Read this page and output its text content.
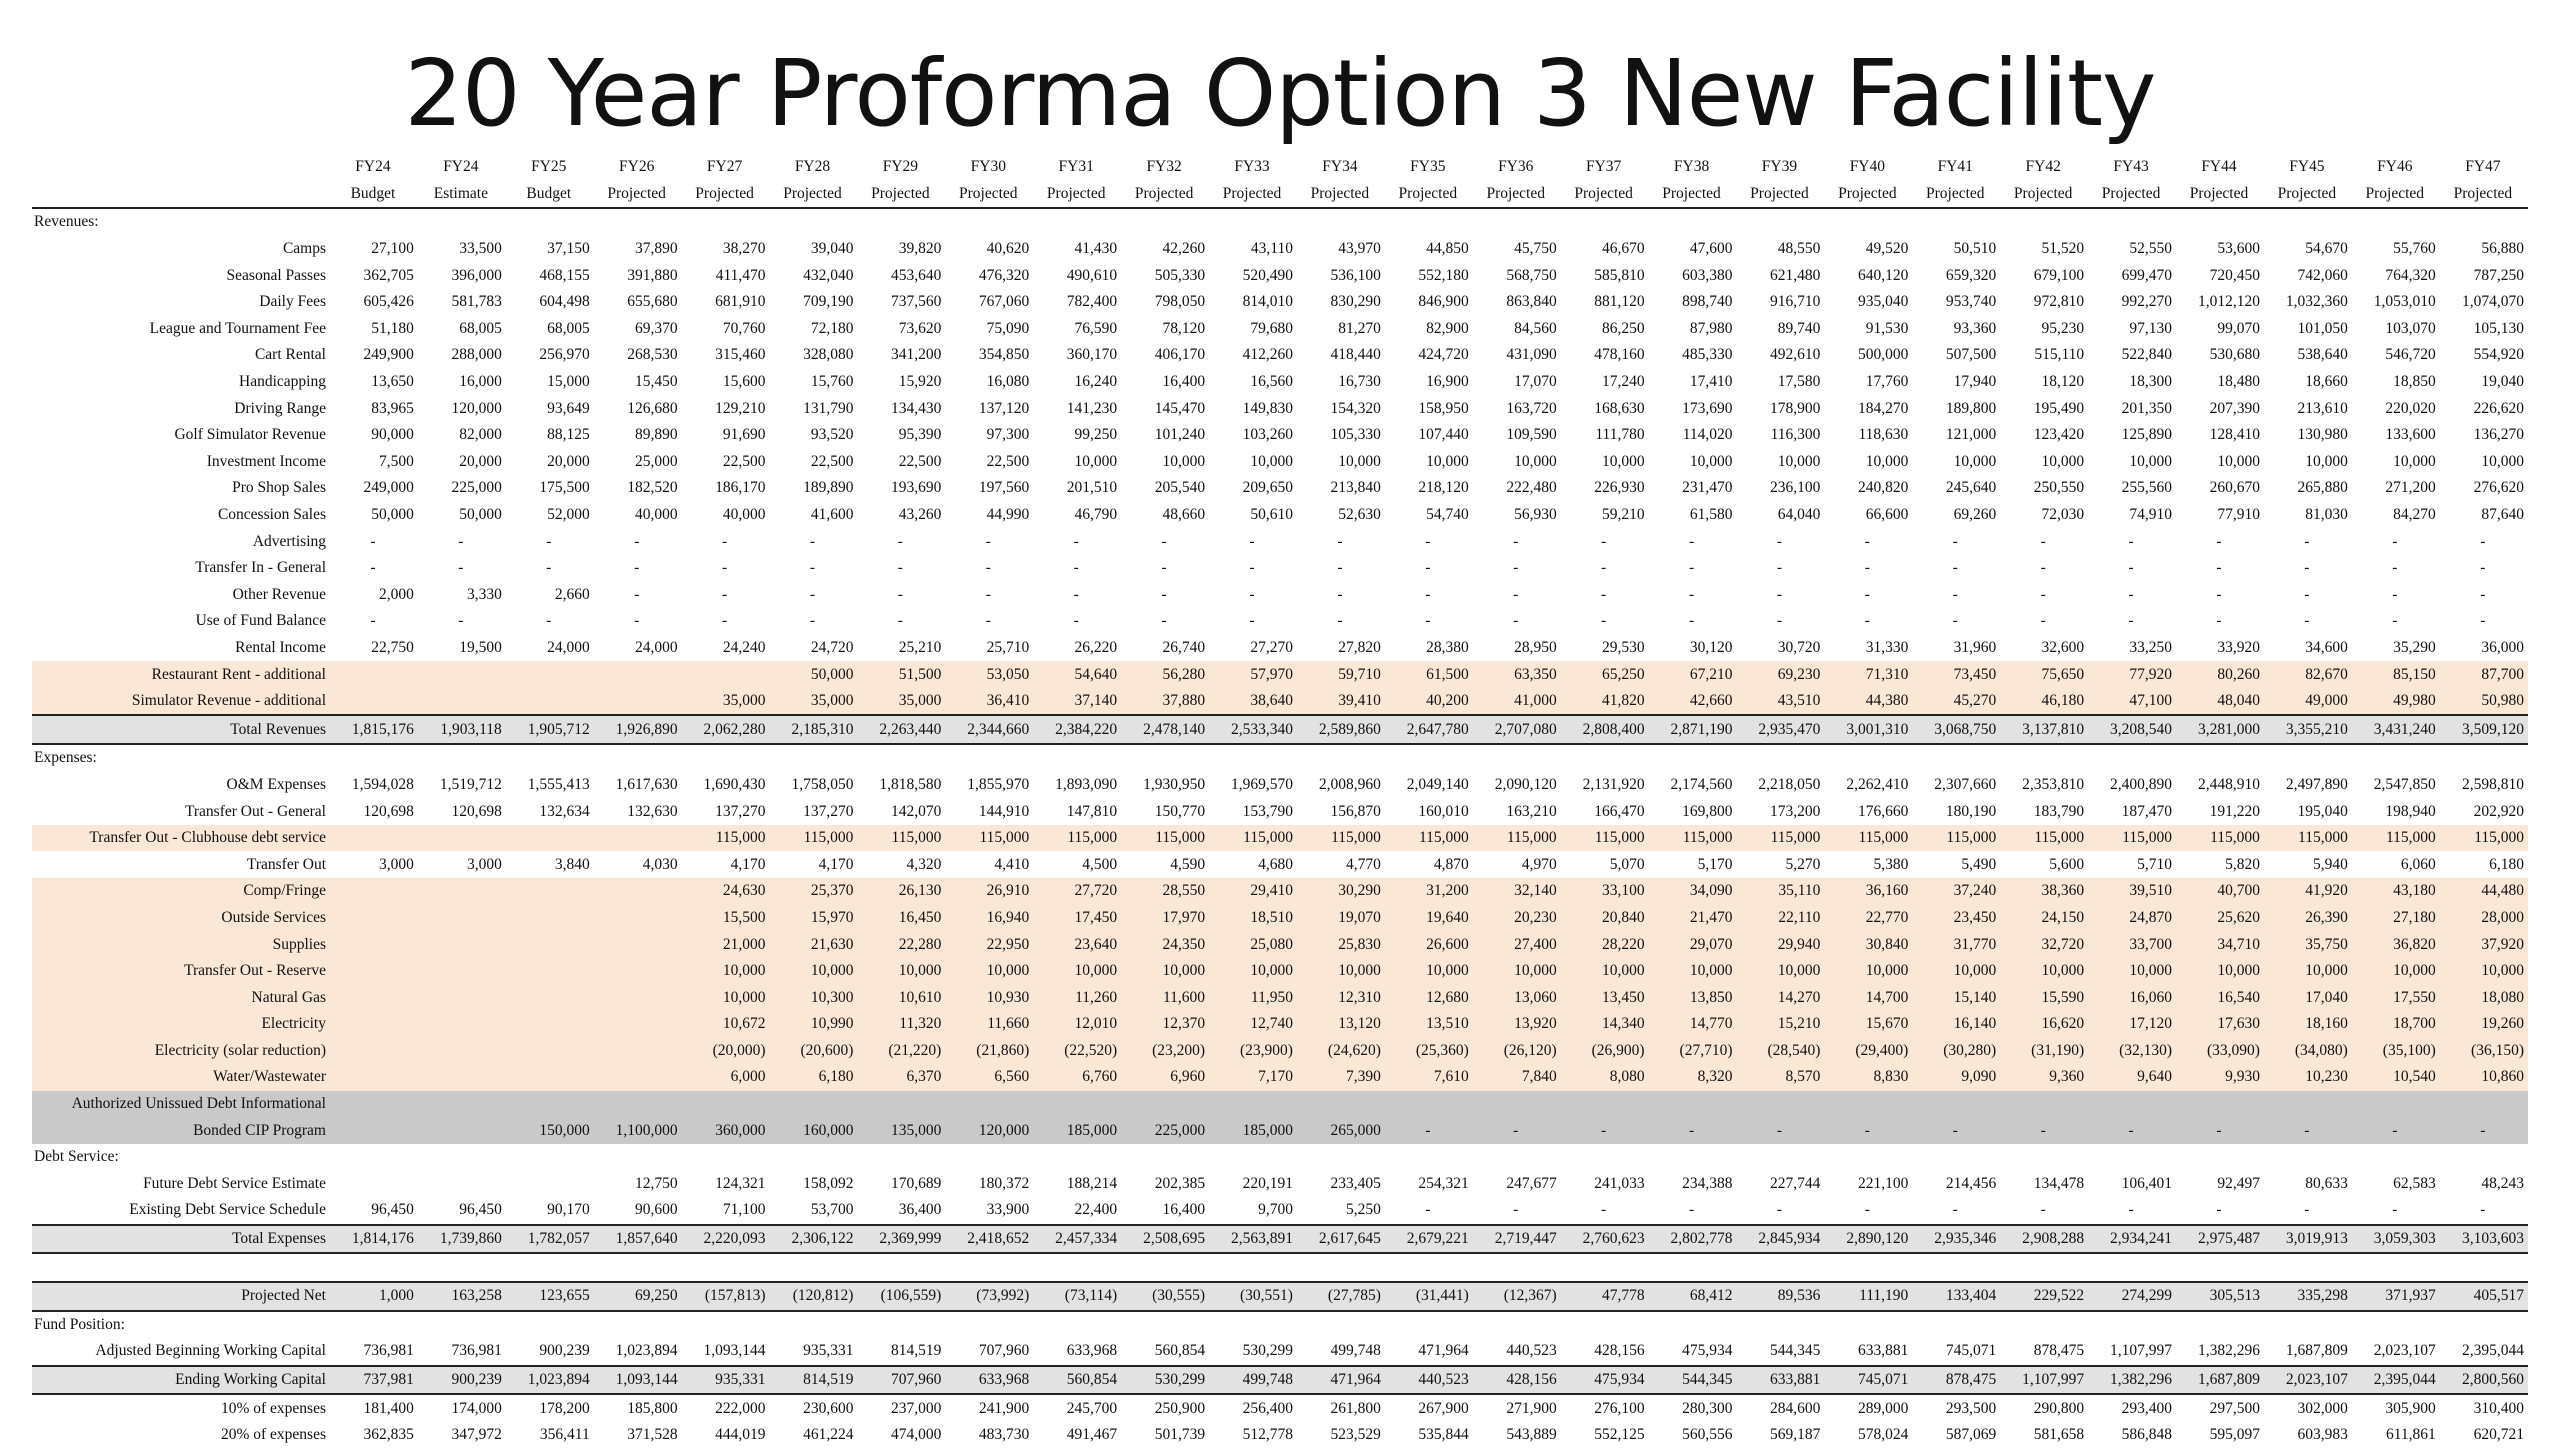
20 Year Proforma Option 3 New Facility
	FY24	FY24	FY25	FY26	FY27	FY28	FY29	FY30	FY31	FY32	FY33	FY34	FY35	FY36	FY37	FY38	FY39	FY40	FY41	FY42	FY43	FY44	FY45	FY46	FY47
	Budget	Estimate	Budget	Projected	Projected	Projected	Projected	Projected	Projected	Projected	Projected	Projected	Projected	Projected	Projected	Projected	Projected	Projected	Projected	Projected	Projected	Projected	Projected	Projected	Projected
Revenues:																									
Camps	27,100	33,500	37,150	37,890	38,270	39,040	39,820	40,620	41,430	42,260	43,110	43,970	44,850	45,750	46,670	47,600	48,550	49,520	50,510	51,520	52,550	53,600	54,670	55,760	56,880
Seasonal Passes	362,705	396,000	468,155	391,880	411,470	432,040	453,640	476,320	490,610	505,330	520,490	536,100	552,180	568,750	585,810	603,380	621,480	640,120	659,320	679,100	699,470	720,450	742,060	764,320	787,250
Daily Fees	605,426	581,783	604,498	655,680	681,910	709,190	737,560	767,060	782,400	798,050	814,010	830,290	846,900	863,840	881,120	898,740	916,710	935,040	953,740	972,810	992,270	1,012,120	1,032,360	1,053,010	1,074,070
League and Tournament Fee	51,180	68,005	68,005	69,370	70,760	72,180	73,620	75,090	76,590	78,120	79,680	81,270	82,900	84,560	86,250	87,980	89,740	91,530	93,360	95,230	97,130	99,070	101,050	103,070	105,130
Cart Rental	249,900	288,000	256,970	268,530	315,460	328,080	341,200	354,850	360,170	406,170	412,260	418,440	424,720	431,090	478,160	485,330	492,610	500,000	507,500	515,110	522,840	530,680	538,640	546,720	554,920
Handicapping	13,650	16,000	15,000	15,450	15,600	15,760	15,920	16,080	16,240	16,400	16,560	16,730	16,900	17,070	17,240	17,410	17,580	17,760	17,940	18,120	18,300	18,480	18,660	18,850	19,040
Driving Range	83,965	120,000	93,649	126,680	129,210	131,790	134,430	137,120	141,230	145,470	149,830	154,320	158,950	163,720	168,630	173,690	178,900	184,270	189,800	195,490	201,350	207,390	213,610	220,020	226,620
Golf Simulator Revenue	90,000	82,000	88,125	89,890	91,690	93,520	95,390	97,300	99,250	101,240	103,260	105,330	107,440	109,590	111,780	114,020	116,300	118,630	121,000	123,420	125,890	128,410	130,980	133,600	136,270
Investment Income	7,500	20,000	20,000	25,000	22,500	22,500	22,500	22,500	10,000	10,000	10,000	10,000	10,000	10,000	10,000	10,000	10,000	10,000	10,000	10,000	10,000	10,000	10,000	10,000	10,000
Pro Shop Sales	249,000	225,000	175,500	182,520	186,170	189,890	193,690	197,560	201,510	205,540	209,650	213,840	218,120	222,480	226,930	231,470	236,100	240,820	245,640	250,550	255,560	260,670	265,880	271,200	276,620
Concession Sales	50,000	50,000	52,000	40,000	40,000	41,600	43,260	44,990	46,790	48,660	50,610	52,630	54,740	56,930	59,210	61,580	64,040	66,600	69,260	72,030	74,910	77,910	81,030	84,270	87,640
Advertising	-	-	-	-	-	-	-	-	-	-	-	-	-	-	-	-	-	-	-	-	-	-	-	-	-
Transfer In - General	-	-	-	-	-	-	-	-	-	-	-	-	-	-	-	-	-	-	-	-	-	-	-	-	-
Other Revenue	2,000	3,330	2,660	-	-	-	-	-	-	-	-	-	-	-	-	-	-	-	-	-	-	-	-	-	-
Use of Fund Balance	-	-	-	-	-	-	-	-	-	-	-	-	-	-	-	-	-	-	-	-	-	-	-	-	-
Rental Income	22,750	19,500	24,000	24,000	24,240	24,720	25,210	25,710	26,220	26,740	27,270	27,820	28,380	28,950	29,530	30,120	30,720	31,330	31,960	32,600	33,250	33,920	34,600	35,290	36,000
Restaurant Rent - additional						50,000	51,500	53,050	54,640	56,280	57,970	59,710	61,500	63,350	65,250	67,210	69,230	71,310	73,450	75,650	77,920	80,260	82,670	85,150	87,700
Simulator Revenue - additional					35,000	35,000	35,000	36,410	37,140	37,880	38,640	39,410	40,200	41,000	41,820	42,660	43,510	44,380	45,270	46,180	47,100	48,040	49,000	49,980	50,980
Total Revenues	1,815,176	1,903,118	1,905,712	1,926,890	2,062,280	2,185,310	2,263,440	2,344,660	2,384,220	2,478,140	2,533,340	2,589,860	2,647,780	2,707,080	2,808,400	2,871,190	2,935,470	3,001,310	3,068,750	3,137,810	3,208,540	3,281,000	3,355,210	3,431,240	3,509,120
Expenses:																									
O&M Expenses	1,594,028	1,519,712	1,555,413	1,617,630	1,690,430	1,758,050	1,818,580	1,855,970	1,893,090	1,930,950	1,969,570	2,008,960	2,049,140	2,090,120	2,131,920	2,174,560	2,218,050	2,262,410	2,307,660	2,353,810	2,400,890	2,448,910	2,497,890	2,547,850	2,598,810
Transfer Out - General	120,698	120,698	132,634	132,630	137,270	137,270	142,070	144,910	147,810	150,770	153,790	156,870	160,010	163,210	166,470	169,800	173,200	176,660	180,190	183,790	187,470	191,220	195,040	198,940	202,920
Transfer Out - Clubhouse debt service					115,000	115,000	115,000	115,000	115,000	115,000	115,000	115,000	115,000	115,000	115,000	115,000	115,000	115,000	115,000	115,000	115,000	115,000	115,000	115,000	115,000
Transfer Out	3,000	3,000	3,840	4,030	4,170	4,170	4,320	4,410	4,500	4,590	4,680	4,770	4,870	4,970	5,070	5,170	5,270	5,380	5,490	5,600	5,710	5,820	5,940	6,060	6,180
Comp/Fringe					24,630	25,370	26,130	26,910	27,720	28,550	29,410	30,290	31,200	32,140	33,100	34,090	35,110	36,160	37,240	38,360	39,510	40,700	41,920	43,180	44,480
Outside Services					15,500	15,970	16,450	16,940	17,450	17,970	18,510	19,070	19,640	20,230	20,840	21,470	22,110	22,770	23,450	24,150	24,870	25,620	26,390	27,180	28,000
Supplies					21,000	21,630	22,280	22,950	23,640	24,350	25,080	25,830	26,600	27,400	28,220	29,070	29,940	30,840	31,770	32,720	33,700	34,710	35,750	36,820	37,920
Transfer Out - Reserve					10,000	10,000	10,000	10,000	10,000	10,000	10,000	10,000	10,000	10,000	10,000	10,000	10,000	10,000	10,000	10,000	10,000	10,000	10,000	10,000	10,000
Natural Gas					10,000	10,300	10,610	10,930	11,260	11,600	11,950	12,310	12,680	13,060	13,450	13,850	14,270	14,700	15,140	15,590	16,060	16,540	17,040	17,550	18,080
Electricity					10,672	10,990	11,320	11,660	12,010	12,370	12,740	13,120	13,510	13,920	14,340	14,770	15,210	15,670	16,140	16,620	17,120	17,630	18,160	18,700	19,260
Electricity (solar reduction)					(20,000)	(20,600)	(21,220)	(21,860)	(22,520)	(23,200)	(23,900)	(24,620)	(25,360)	(26,120)	(26,900)	(27,710)	(28,540)	(29,400)	(30,280)	(31,190)	(32,130)	(33,090)	(34,080)	(35,100)	(36,150)
Water/Wastewater					6,000	6,180	6,370	6,560	6,760	6,960	7,170	7,390	7,610	7,840	8,080	8,320	8,570	8,830	9,090	9,360	9,640	9,930	10,230	10,540	10,860
Authorized Unissued Debt Informational																									
Bonded CIP Program			150,000	1,100,000	360,000	160,000	135,000	120,000	185,000	225,000	185,000	265,000	-	-	-	-	-	-	-	-	-	-	-	-	-
Debt Service:																									
Future Debt Service Estimate				12,750	124,321	158,092	170,689	180,372	188,214	202,385	220,191	233,405	254,321	247,677	241,033	234,388	227,744	221,100	214,456	134,478	106,401	92,497	80,633	62,583	48,243
Existing Debt Service Schedule	96,450	96,450	90,170	90,600	71,100	53,700	36,400	33,900	22,400	16,400	9,700	5,250	-	-	-	-	-	-	-	-	-	-	-	-	-
Total Expenses	1,814,176	1,739,860	1,782,057	1,857,640	2,220,093	2,306,122	2,369,999	2,418,652	2,457,334	2,508,695	2,563,891	2,617,645	2,679,221	2,719,447	2,760,623	2,802,778	2,845,934	2,890,120	2,935,346	2,908,288	2,934,241	2,975,487	3,019,913	3,059,303	3,103,603

Projected Net	1,000	163,258	123,655	69,250	(157,813)	(120,812)	(106,559)	(73,992)	(73,114)	(30,555)	(30,551)	(27,785)	(31,441)	(12,367)	47,778	68,412	89,536	111,190	133,404	229,522	274,299	305,513	335,298	371,937	405,517
Fund Position:																									
Adjusted Beginning Working Capital	736,981	736,981	900,239	1,023,894	1,093,144	935,331	814,519	707,960	633,968	560,854	530,299	499,748	471,964	440,523	428,156	475,934	544,345	633,881	745,071	878,475	1,107,997	1,382,296	1,687,809	2,023,107	2,395,044
Ending Working Capital	737,981	900,239	1,023,894	1,093,144	935,331	814,519	707,960	633,968	560,854	530,299	499,748	471,964	440,523	428,156	475,934	544,345	633,881	745,071	878,475	1,107,997	1,382,296	1,687,809	2,023,107	2,395,044	2,800,560
10% of expenses	181,400	174,000	178,200	185,800	222,000	230,600	237,000	241,900	245,700	250,900	256,400	261,800	267,900	271,900	276,100	280,300	284,600	289,000	293,500	290,800	293,400	297,500	302,000	305,900	310,400
20% of expenses	362,835	347,972	356,411	371,528	444,019	461,224	474,000	483,730	491,467	501,739	512,778	523,529	535,844	543,889	552,125	560,556	569,187	578,024	587,069	581,658	586,848	595,097	603,983	611,861	620,721
